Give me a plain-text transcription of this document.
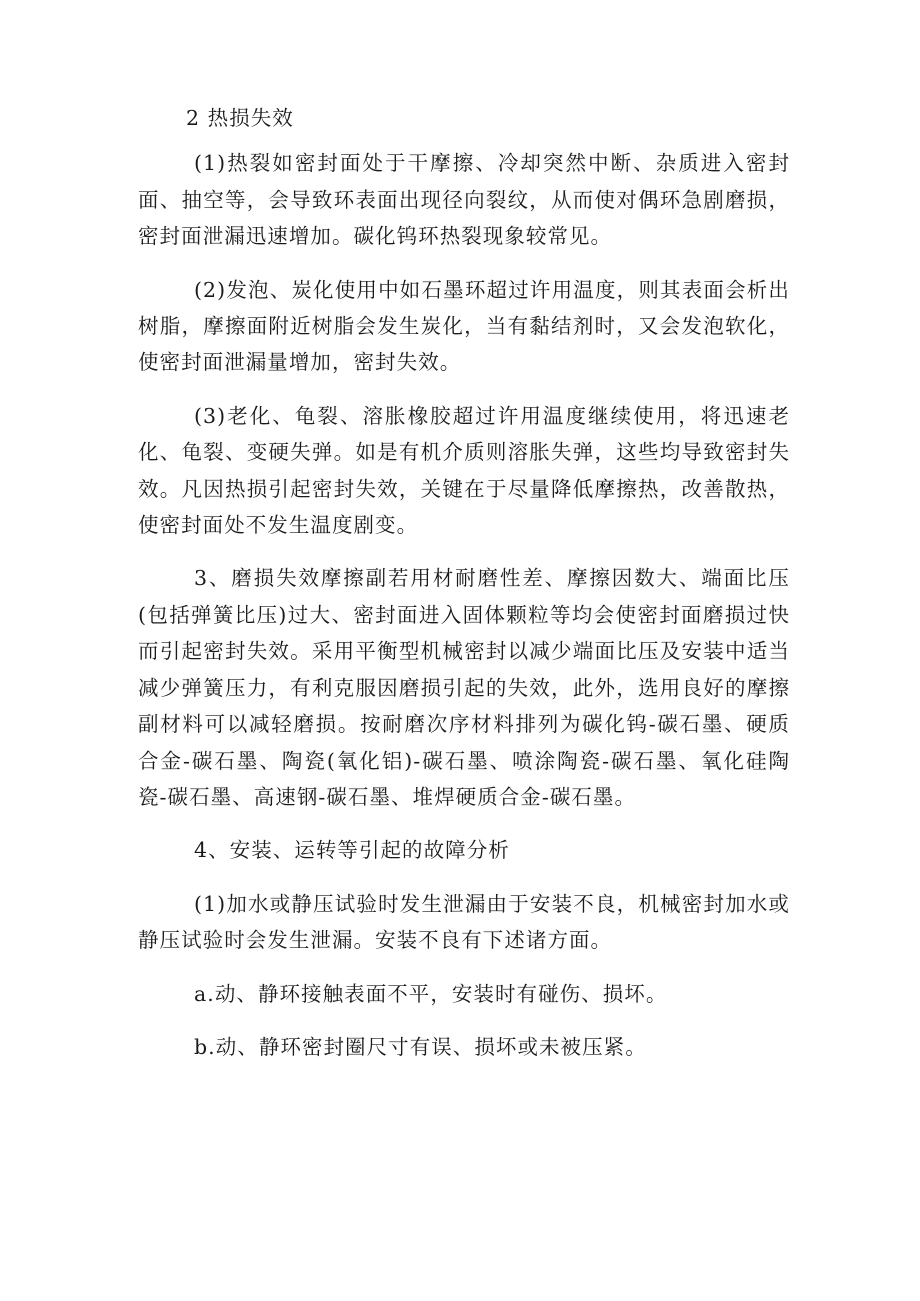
2 热损失效

(1)热裂如密封面处于干摩擦、冷却突然中断、杂质进入密封面、抽空等，会导致环表面出现径向裂纹，从而使对偶环急剧磨损，密封面泄漏迅速增加。碳化钨环热裂现象较常见。

(2)发泡、炭化使用中如石墨环超过许用温度，则其表面会析出树脂，摩擦面附近树脂会发生炭化，当有黏结剂时，又会发泡软化，使密封面泄漏量增加，密封失效。

(3)老化、龟裂、溶胀橡胶超过许用温度继续使用，将迅速老化、龟裂、变硬失弹。如是有机介质则溶胀失弹，这些均导致密封失效。凡因热损引起密封失效，关键在于尽量降低摩擦热，改善散热，使密封面处不发生温度剧变。

3、磨损失效摩擦副若用材耐磨性差、摩擦因数大、端面比压(包括弹簧比压)过大、密封面进入固体颗粒等均会使密封面磨损过快而引起密封失效。采用平衡型机械密封以减少端面比压及安装中适当减少弹簧压力，有利克服因磨损引起的失效，此外，选用良好的摩擦副材料可以减轻磨损。按耐磨次序材料排列为碳化钨-碳石墨、硬质合金-碳石墨、陶瓷(氧化铝)-碳石墨、喷涂陶瓷-碳石墨、氧化硅陶瓷-碳石墨、高速钢-碳石墨、堆焊硬质合金-碳石墨。

4、安装、运转等引起的故障分析

(1)加水或静压试验时发生泄漏由于安装不良，机械密封加水或静压试验时会发生泄漏。安装不良有下述诸方面。

a.动、静环接触表面不平，安装时有碰伤、损坏。

b.动、静环密封圈尺寸有误、损坏或未被压紧。
